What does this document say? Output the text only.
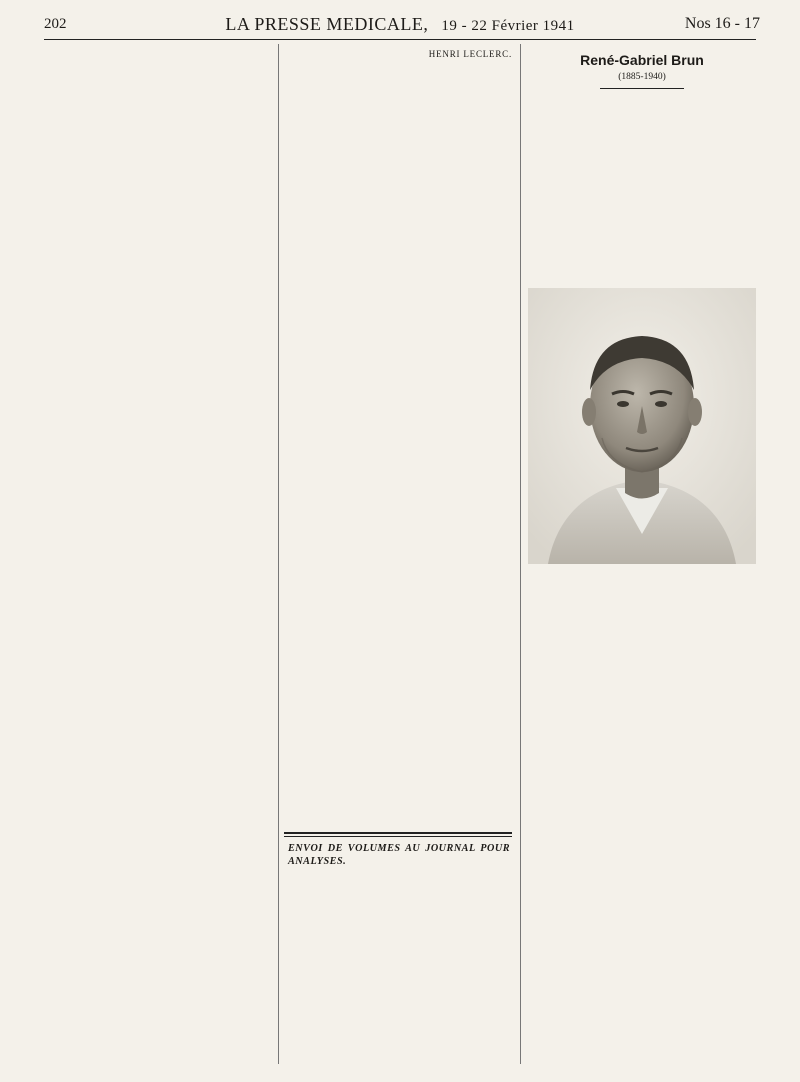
202	LA PRESSE MEDICALE, 19 - 22 Février 1941	Nos 16 - 17
HENRI LECLERC.
ENVOI DE VOLUMES AU JOURNAL POUR ANALYSES.
René-Gabriel Brun
(1885-1940)
